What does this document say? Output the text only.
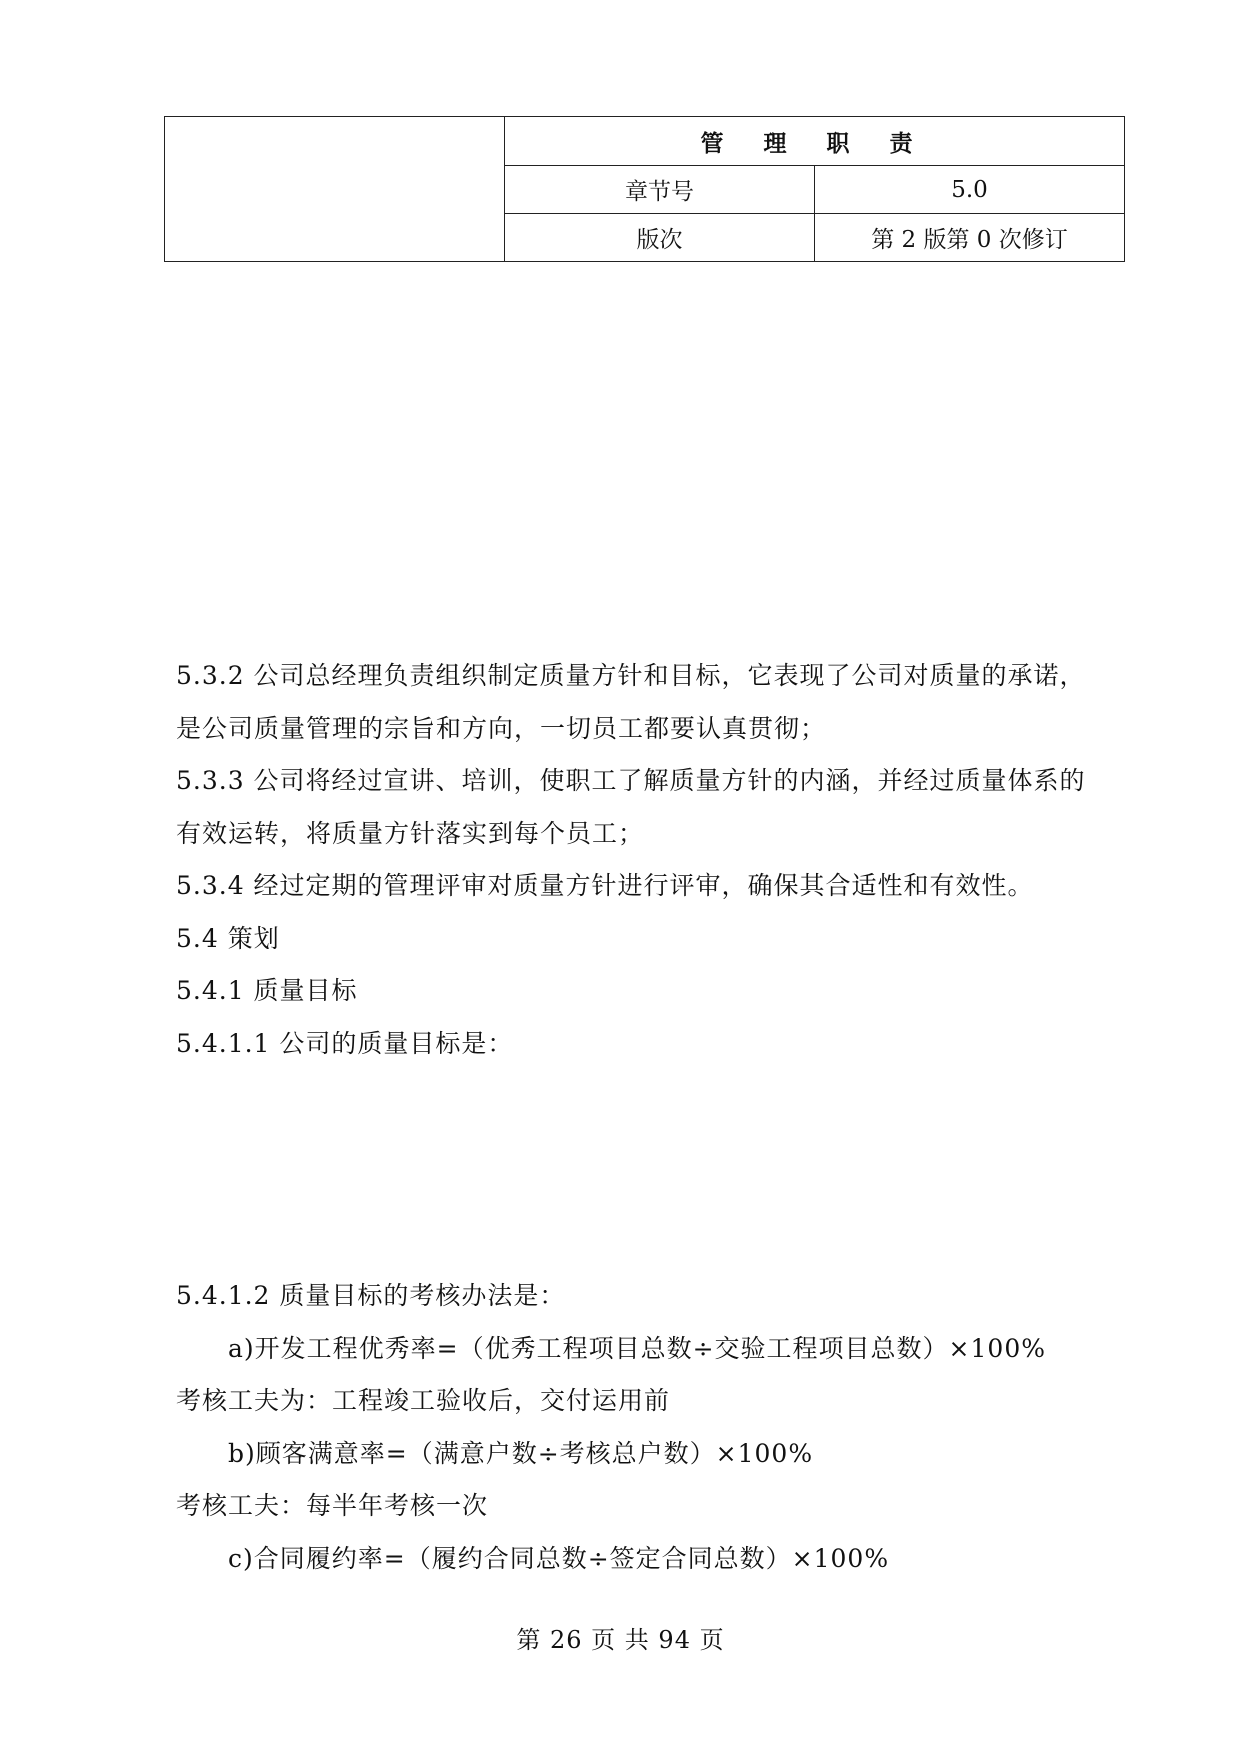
	管 理 职 责	
	章节号	5.0
	版次	第 2 版第 0 次修订
5.3.2 公司总经理负责组织制定质量方针和目标，它表现了公司对质量的承诺，
是公司质量管理的宗旨和方向，一切员工都要认真贯彻；
5.3.3 公司将经过宣讲、培训，使职工了解质量方针的内涵，并经过质量体系的
有效运转，将质量方针落实到每个员工；
5.3.4 经过定期的管理评审对质量方针进行评审，确保其合适性和有效性。
5.4 策划
5.4.1 质量目标
5.4.1.1 公司的质量目标是：
5.4.1.2 质量目标的考核办法是：
a)开发工程优秀率=（优秀工程项目总数÷交验工程项目总数）×100%
考核工夫为：工程竣工验收后，交付运用前
b)顾客满意率=（满意户数÷考核总户数）×100%
考核工夫：每半年考核一次
c)合同履约率=（履约合同总数÷签定合同总数）×100%
第 26 页 共 94 页
